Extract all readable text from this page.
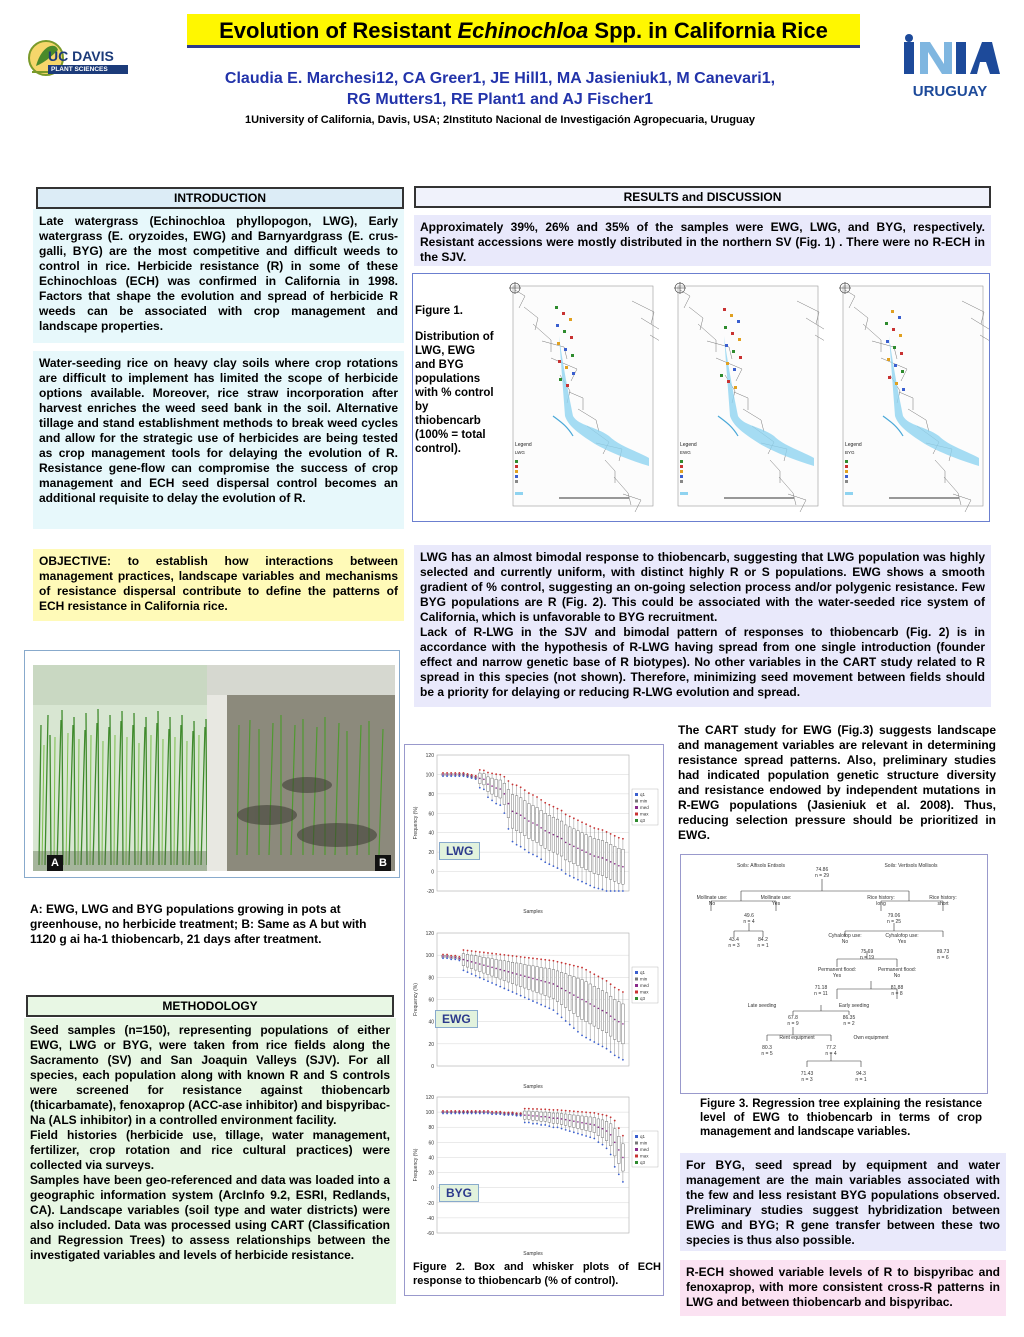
UC DAVIS
PLANT SCIENCES
Evolution of Resistant Echinochloa Spp. in California Rice
URUGUAY
Claudia E. Marchesi12, CA Greer1, JE Hill1, MA Jasieniuk1, M Canevari1,
RG Mutters1, RE Plant1 and AJ Fischer1
1University of California, Davis, USA; 2Instituto Nacional de Investigación Agropecuaria, Uruguay
INTRODUCTION
Late watergrass (Echinochloa phyllopogon, LWG), Early watergrass (E. oryzoides, EWG) and Barnyardgrass (E. crus-galli, BYG) are the most competitive and difficult weeds to control in rice. Herbicide resistance (R) in some of these Echinochloas (ECH) was confirmed in California in 1998. Factors that shape the evolution and spread of herbicide R weeds can be associated with crop management and landscape properties.
Water-seeding rice on heavy clay soils where crop rotations are difficult to implement has limited the scope of herbicide options available. Moreover, rice straw incorporation after harvest enriches the weed seed bank in the soil. Alternative tillage and stand establishment methods to break weed cycles and allow for the strategic use of herbicides are being tested as crop management tools for delaying the evolution of R. Resistance gene-flow can compromise the success of crop management and ECH seed dispersal control becomes an additional requisite to delay the evolution of R.
OBJECTIVE: to establish how interactions between management practices, landscape variables and mechanisms of resistance dispersal contribute to define the patterns of ECH resistance in California rice.
A	B
A: EWG, LWG and BYG populations growing in pots at greenhouse, no herbicide treatment; B: Same as A but with 1120 g ai ha-1 thiobencarb, 21 days after treatment.
METHODOLOGY
Seed samples (n=150), representing populations of either EWG, LWG or BYG, were taken from rice fields along the Sacramento (SV) and San Joaquin Valleys (SJV). For all species, each population along with known R and S controls were screened for resistance against thiobencarb (thicarbamate), fenoxaprop (ACC-ase inhibitor) and bispyribac-Na (ALS inhibitor) in a controlled environment facility.
Field histories (herbicide use, tillage, water management, fertilizer, crop rotation and rice cultural practices) were collected via surveys.
Samples have been geo-referenced and data was loaded into a geographic information system (ArcInfo 9.2, ESRI, Redlands, CA). Landscape variables (soil type and water districts) were also included. Data was processed using CART (Classification and Regression Trees) to assess relationships between the investigated variables and levels of herbicide resistance.
RESULTS and DISCUSSION
Approximately 39%, 26% and 35% of the samples were EWG, LWG, and BYG, respectively. Resistant accessions were mostly distributed in the northern SV (Fig. 1) . There were no R-ECH in the SJV.
Figure 1.
Distribution of LWG, EWG and BYG populations with % control by thiobencarb (100% = total control).	Legend
LWG
Legend
EWG
Legend
BYG
LWG has an almost bimodal response to thiobencarb, suggesting that LWG population was highly selected and currently uniform, with distinct highly R or S populations. EWG shows a smooth gradient of % control, suggesting an on-going selection process and/or polygenic resistance. Few BYG populations are R (Fig. 2). This could be associated with the water-seeded rice system of California, which is unfavorable to BYG recruitment.
Lack of R-LWG in the SJV and bimodal pattern of responses to thiobencarb (Fig. 2) is in accordance with the hypothesis of R-LWG having spread from one single introduction (founder effect and narrow genetic base of R biotypes). No other variables in the CART study related to R spread in this species (not shown). Therefore, minimizing seed movement between fields should be a priority for delaying or reducing R-LWG evolution and spread.
-20
0
20
40
60
80
100
120
Frequency (%)
Samples
q1
min
med
max
q3
0
20
40
60
80
100
120
Frequency (%)
Samples
q1
min
med
max
q3
-60
-40
-20
0
20
40
60
80
100
120
Frequency (%)
Samples
q1
min
med
max
q3
LWG
EWG
BYG
Figure 2. Box and whisker plots of ECH response to thiobencarb (% of control).
The CART study for EWG (Fig.3) suggests landscape and management variables are relevant in determining resistance spread patterns. Also, preliminary studies had indicated population genetic structure diversity and resistance endowed by independent mutations in R-EWG populations (Jasieniuk et al. 2008). Thus, reducing selection pressure should be prioritized in EWG.
Soils: Alfisols Entisols	Soils: Vertisols Mollisols
74.86
n = 29
Mollinate use:
No
Mollinate use:
Yes
Rice history:
long
Rice history:
short
49.6
n = 4
79.06
n = 25
43.4
n = 3
84.2
n = 1
Cyhalofop use:
No
Cyhalofop use:
Yes
75.69
n = 19
89.73
n = 6
Permanent flood:
Yes
Permanent flood:
No
71.18
n = 11
81.88
n = 8
Late seeding	Early seeding
67.8
n = 9
86.35
n = 2
Rent equipment	Own equipment
80.3
n = 5
77.2
n = 4
71.43
n = 3
94.3
n = 1
Figure 3. Regression tree explaining the resistance level of EWG to thiobencarb in terms of crop management and landscape variables.
For BYG, seed spread by equipment and water management are the main variables associated with the few and less resistant BYG populations observed. Preliminary studies suggest hybridization between EWG and BYG; R gene transfer between these two species is thus also possible.
R-ECH showed variable levels of R to bispyribac and fenoxaprop, with more consistent cross-R patterns in LWG and between thiobencarb and bispyribac.
